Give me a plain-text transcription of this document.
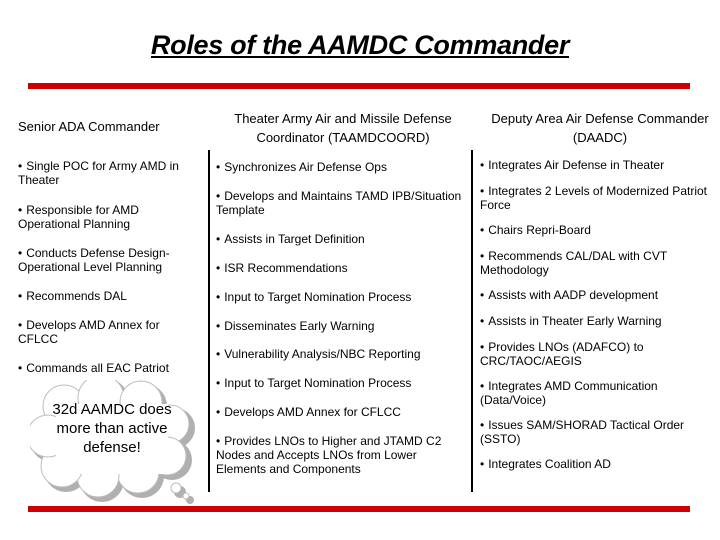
Roles of the AAMDC Commander
Senior ADA Commander
Theater Army Air and Missile Defense Coordinator (TAAMDCOORD)
Deputy Area Air Defense Commander (DAADC)
• Single POC for Army AMD in Theater
• Responsible for AMD Operational Planning
• Conducts Defense Design- Operational Level Planning
• Recommends DAL
• Develops AMD Annex for CFLCC
• Commands all EAC Patriot
32d AAMDC does more than active defense!
• Synchronizes Air Defense Ops
• Develops and Maintains TAMD IPB/Situation Template
• Assists in Target Definition
• ISR Recommendations
• Input to Target Nomination Process
• Disseminates Early Warning
• Vulnerability Analysis/NBC Reporting
• Input to Target Nomination Process
• Develops AMD Annex for CFLCC
• Provides LNOs to Higher and JTAMD C2 Nodes and Accepts LNOs from Lower Elements and Components
• Integrates Air Defense in Theater
• Integrates 2 Levels of Modernized Patriot Force
• Chairs Repri-Board
• Recommends CAL/DAL with CVT Methodology
• Assists with AADP development
• Assists in Theater Early Warning
• Provides LNOs (ADAFCO) to CRC/TAOC/AEGIS
• Integrates AMD Communication (Data/Voice)
• Issues SAM/SHORAD Tactical Order (SSTO)
• Integrates Coalition AD
